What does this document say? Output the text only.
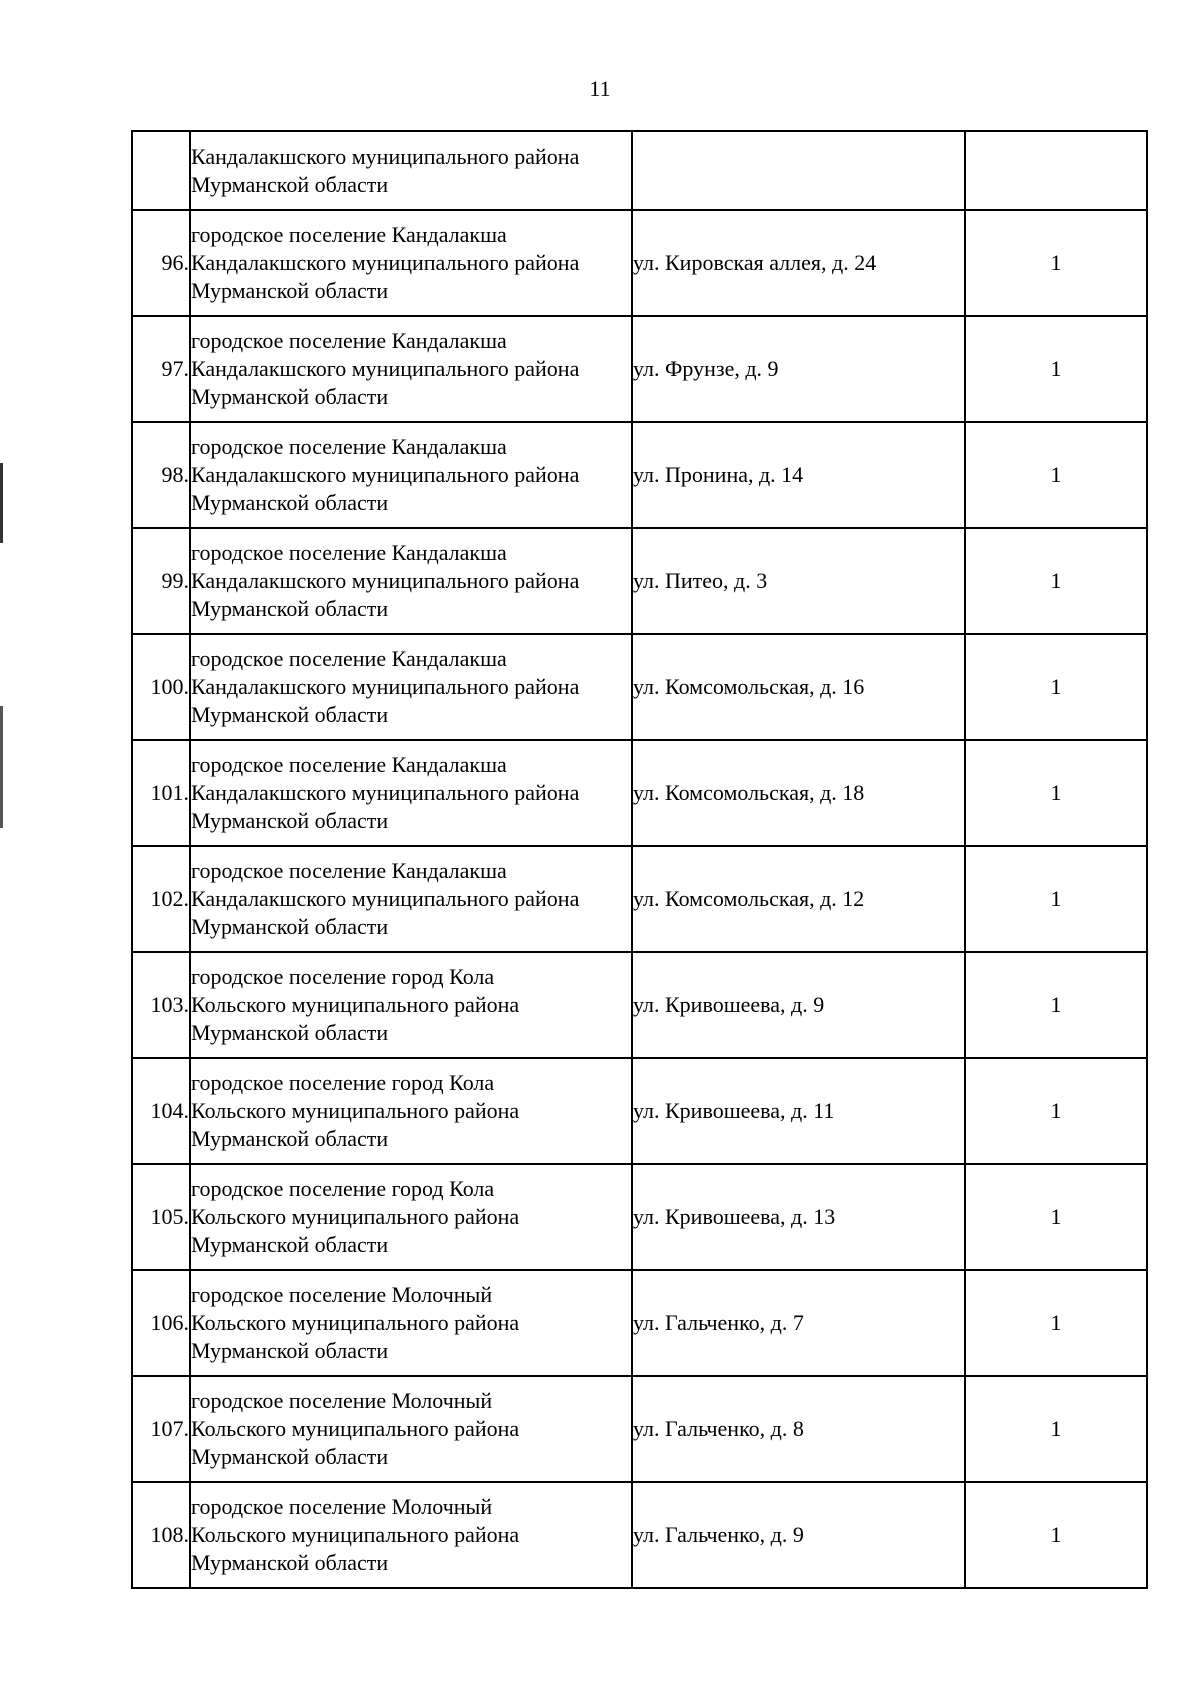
11

	Кандалакшского муниципального района
Мурманской области		

96.	городское поселение Кандалакша
Кандалакшского муниципального района
Мурманской области	ул. Кировская аллея, д. 24	1
97.	городское поселение Кандалакша
Кандалакшского муниципального района
Мурманской области	ул. Фрунзе, д. 9	1
98.	городское поселение Кандалакша
Кандалакшского муниципального района
Мурманской области	ул. Пронина, д. 14	1
99.	городское поселение Кандалакша
Кандалакшского муниципального района
Мурманской области	ул. Питео, д. 3	1
100.	городское поселение Кандалакша
Кандалакшского муниципального района
Мурманской области	ул. Комсомольская, д. 16	1
101.	городское поселение Кандалакша
Кандалакшского муниципального района
Мурманской области	ул. Комсомольская, д. 18	1
102.	городское поселение Кандалакша
Кандалакшского муниципального района
Мурманской области	ул. Комсомольская, д. 12	1
103.	городское поселение город Кола
Кольского муниципального района
Мурманской области	ул. Кривошеева, д. 9	1
104.	городское поселение город Кола
Кольского муниципального района
Мурманской области	ул. Кривошеева, д. 11	1
105.	городское поселение город Кола
Кольского муниципального района
Мурманской области	ул. Кривошеева, д. 13	1
106.	городское поселение Молочный
Кольского муниципального района
Мурманской области	ул. Гальченко, д. 7	1
107.	городское поселение Молочный
Кольского муниципального района
Мурманской области	ул. Гальченко, д. 8	1
108.	городское поселение Молочный
Кольского муниципального района
Мурманской области	ул. Гальченко, д. 9	1
